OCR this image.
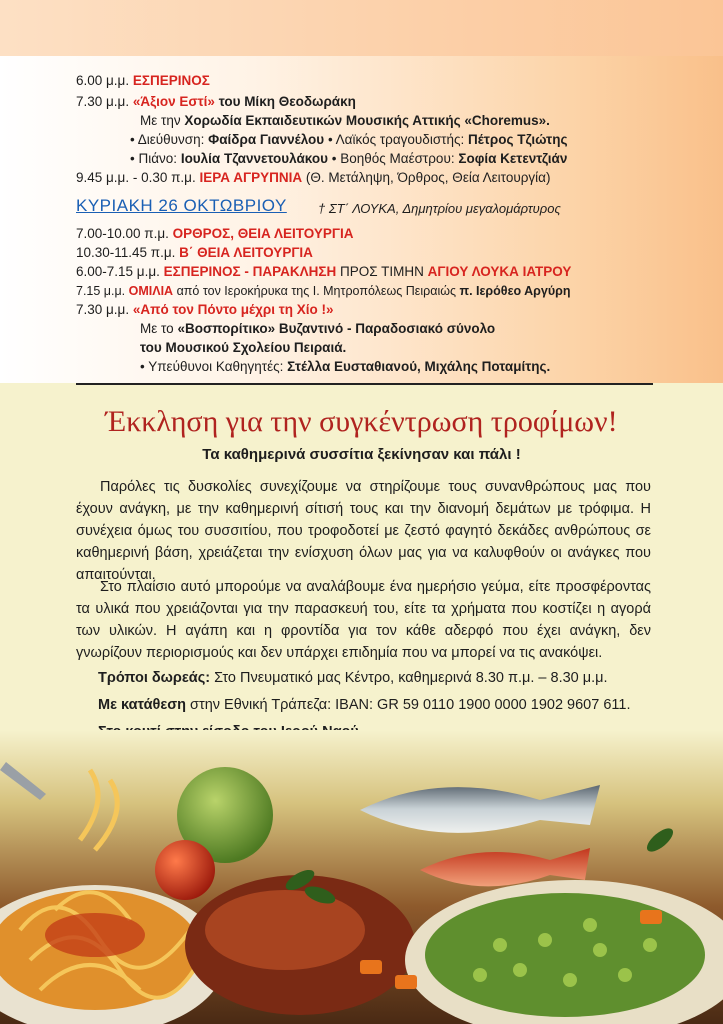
6.00 μ.μ. ΕΣΠΕΡΙΝΟΣ
7.30 μ.μ. «Άξιον Εστί» του Μίκη Θεοδωράκη
Με την Χορωδία Εκπαιδευτικών Μουσικής Αττικής «Choremus».
• Διεύθυνση: Φαίδρα Γιαννέλου • Λαϊκός τραγουδιστής: Πέτρος Τζιώτης
• Πιάνο: Ιουλία Τζαννετουλάκου • Βοηθός Μαέστρου: Σοφία Κετεντζιάν
9.45 μ.μ. - 0.30 π.μ. ΙΕΡΑ ΑΓΡΥΠΝΙΑ (Θ. Μετάληψη, Όρθρος, Θεία Λειτουργία)
ΚΥΡΙΑΚΗ 26 ΟΚΤΩΒΡΙΟΥ † ΣΤ΄ ΛΟΥΚΑ, Δημητρίου μεγαλομάρτυρος
7.00-10.00 π.μ. ΟΡΘΡΟΣ, ΘΕΙΑ ΛΕΙΤΟΥΡΓΙΑ
10.30-11.45 π.μ. Β΄ ΘΕΙΑ ΛΕΙΤΟΥΡΓΙΑ
6.00-7.15 μ.μ. ΕΣΠΕΡΙΝΟΣ - ΠΑΡΑΚΛΗΣΗ ΠΡΟΣ ΤΙΜΗΝ ΑΓΙΟΥ ΛΟΥΚΑ ΙΑΤΡΟΥ
7.15 μ.μ. ΟΜΙΛΙΑ από τον Ιεροκήρυκα της Ι. Μητροπόλεως Πειραιώς π. Ιερόθεο Αργύρη
7.30 μ.μ. «Από τον Πόντο μέχρι τη Χίο !»
Με το «Βοσπορίτικο» Βυζαντινό - Παραδοσιακό σύνολο
του Μουσικού Σχολείου Πειραιά.
• Υπεύθυνοι Καθηγητές: Στέλλα Ευσταθιανού, Μιχάλης Ποταμίτης.
Έκκληση για την συγκέντρωση τροφίμων!
Τα καθημερινά συσσίτια ξεκίνησαν και πάλι !
Παρόλες τις δυσκολίες συνεχίζουμε να στηρίζουμε τους συνανθρώπους μας που έχουν ανάγκη, με την καθημερινή σίτισή τους και την διανομή δεμάτων με τρόφιμα. Η συνέχεια όμως του συσσιτίου, που τροφοδοτεί με ζεστό φαγητό δεκάδες ανθρώπους σε καθημερινή βάση, χρειάζεται την ενίσχυση όλων μας για να καλυφθούν οι ανάγκες που απαιτούνται.
Στο πλαίσιο αυτό μπορούμε να αναλάβουμε ένα ημερήσιο γεύμα, είτε προσφέροντας τα υλικά που χρειάζονται για την παρασκευή του, είτε τα χρήματα που κοστίζει η αγορά των υλικών. Η αγάπη και η φροντίδα για τον κάθε αδερφό που έχει ανάγκη, δεν γνωρίζουν περιορισμούς και δεν υπάρχει επιδημία που να μπορεί να τις ανακόψει.
Τρόποι δωρεάς: Στο Πνευματικό μας Κέντρο, καθημερινά 8.30 π.μ. – 8.30 μ.μ.
Με κατάθεση στην Εθνική Τράπεζα: IBAN: GR 59 0110 1900 0000 1902 9607 611.
